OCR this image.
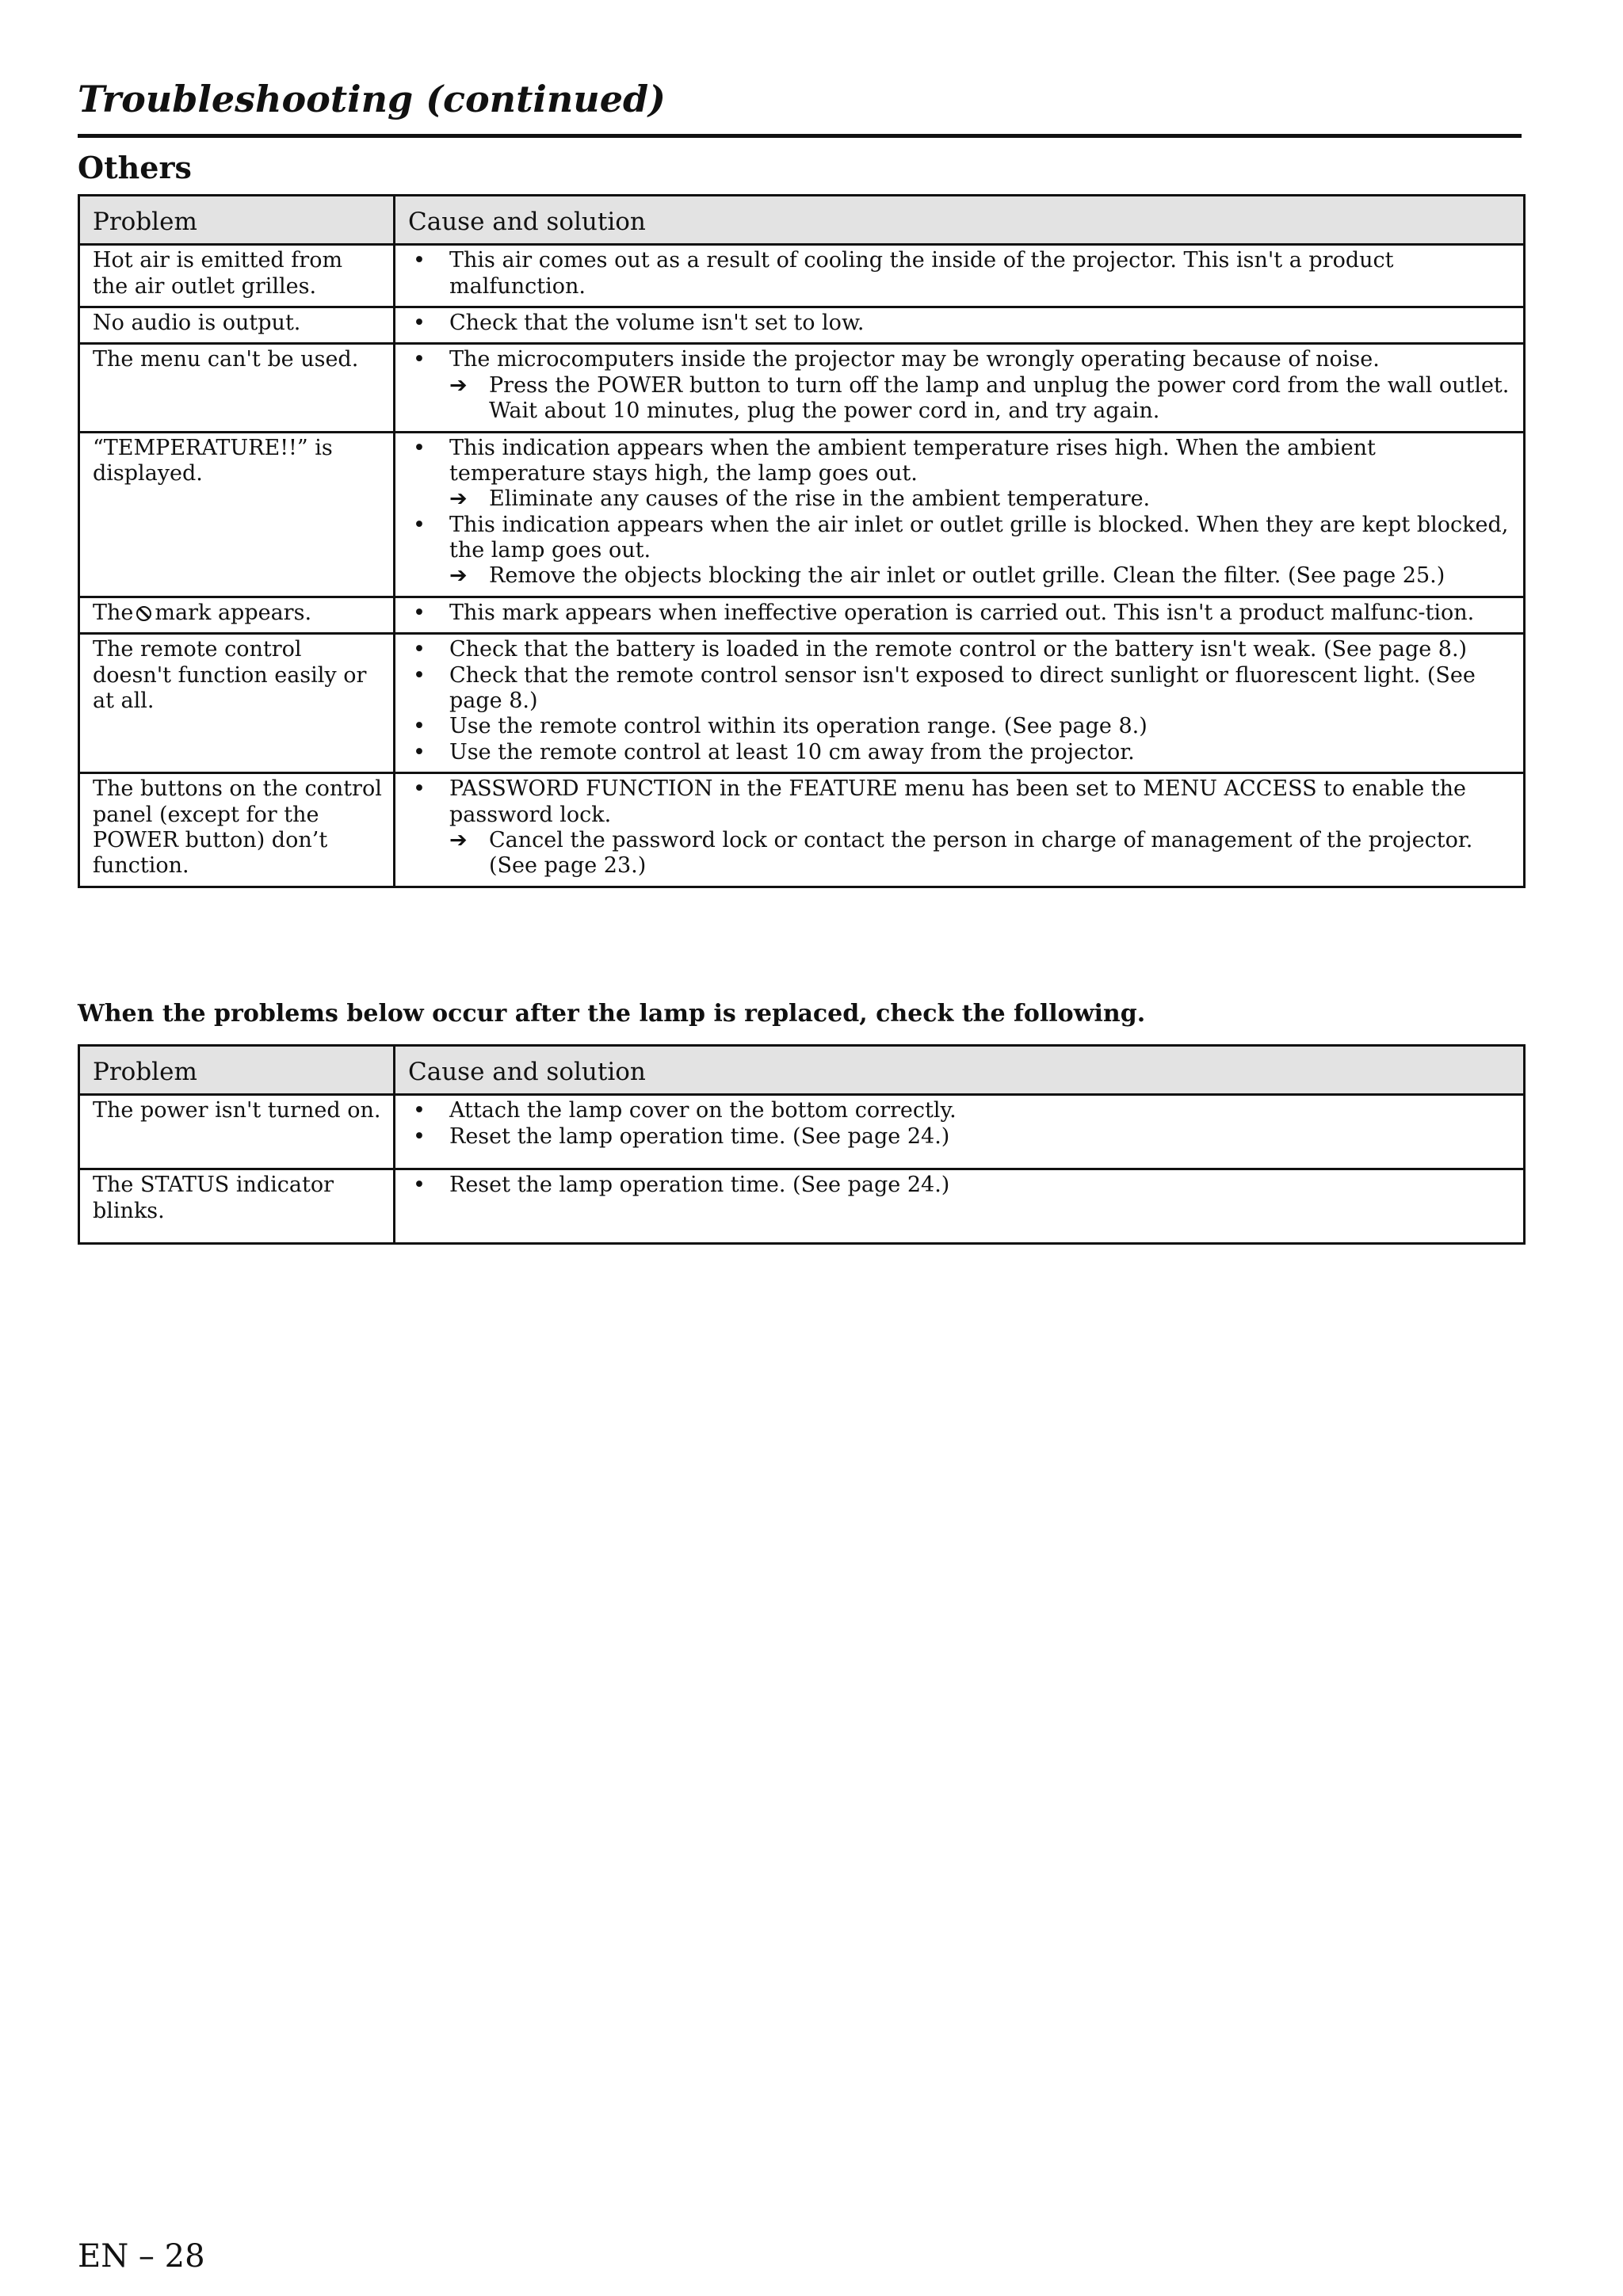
Troubleshooting (continued)
Others
Problem	Cause and solution
Hot air is emitted from the air outlet grilles.	• This air comes out as a result of cooling the inside of the projector. This isn't a product malfunction.

No audio is output.	• Check that the volume isn't set to low.

The menu can't be used.	• The microcomputers inside the projector may be wrongly operating because of noise.
➔ Press the POWER button to turn off the lamp and unplug the power cord from the wall outlet. Wait about 10 minutes, plug the power cord in, and try again.

“TEMPERATURE!!” is displayed.	• This indication appears when the ambient temperature rises high. When the ambient temperature stays high, the lamp goes out.
➔ Eliminate any causes of the rise in the ambient temperature.
• This indication appears when the air inlet or outlet grille is blocked. When they are kept blocked, the lamp goes out.
➔ Remove the objects blocking the air inlet or outlet grille. Clean the filter. (See page 25.)

The mark appears.	• This mark appears when ineffective operation is carried out. This isn't a product malfunc-tion.

The remote control doesn't function easily or at all.	• Check that the battery is loaded in the remote control or the battery isn't weak. (See page 8.)
• Check that the remote control sensor isn't exposed to direct sunlight or fluorescent light. (See page 8.)
• Use the remote control within its operation range. (See page 8.)
• Use the remote control at least 10 cm away from the projector.

The buttons on the control panel (except for the POWER button) don’t function.	• PASSWORD FUNCTION in the FEATURE menu has been set to MENU ACCESS to enable the password lock.
➔ Cancel the password lock or contact the person in charge of management of the projector. (See page 23.)
When the problems below occur after the lamp is replaced, check the following.
Problem	Cause and solution
The power isn't turned on.	• Attach the lamp cover on the bottom correctly.
• Reset the lamp operation time. (See page 24.)

The STATUS indicator blinks.	• Reset the lamp operation time. (See page 24.)
EN – 28
